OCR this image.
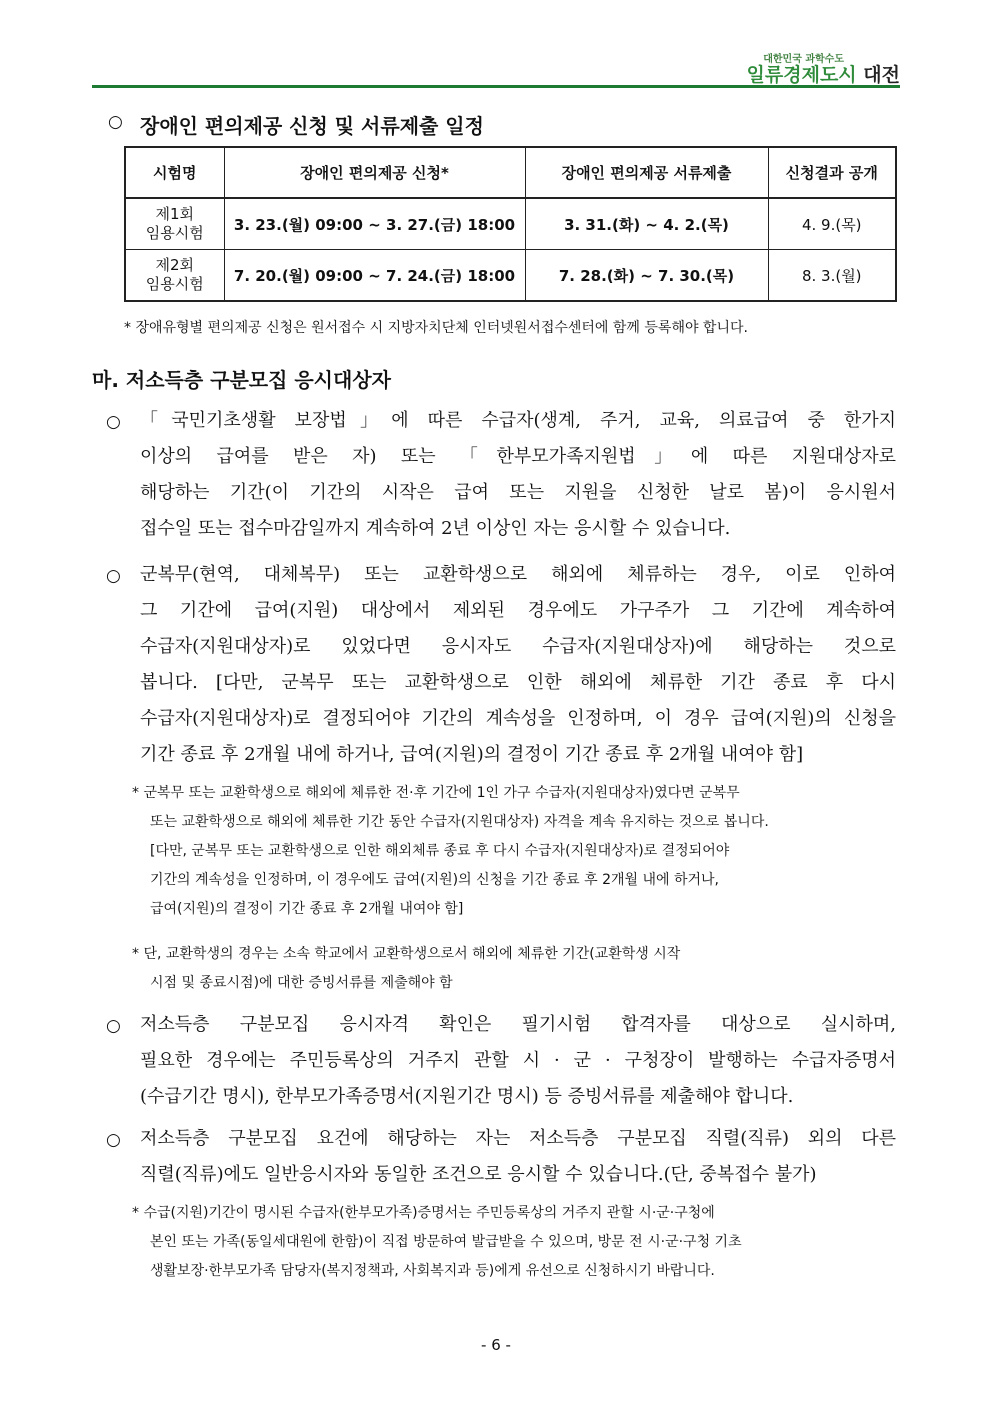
대한민국 과학수도
일류경제도시 대전
○ 장애인 편의제공 신청 및 서류제출 일정
시험명	장애인 편의제공 신청*	장애인 편의제공 서류제출	신청결과 공개

제1회
임용시험	3. 23.(월) 09:00 ~ 3. 27.(금) 18:00	3. 31.(화) ~ 4. 2.(목)	4. 9.(목)

제2회
임용시험	7. 20.(월) 09:00 ~ 7. 24.(금) 18:00	7. 28.(화) ~ 7. 30.(목)	8. 3.(월)
* 장애유형별 편의제공 신청은 원서접수 시 지방자치단체 인터넷원서접수센터에 함께 등록해야 합니다.
마. 저소득층 구분모집 응시대상자
○ 「국민기초생활 보장법」에 따른 수급자(생계, 주거, 교육, 의료급여 중 한가지
이상의 급여를 받은 자) 또는 「한부모가족지원법」에 따른 지원대상자로
해당하는 기간(이 기간의 시작은 급여 또는 지원을 신청한 날로 봄)이 응시원서
접수일 또는 접수마감일까지 계속하여 2년 이상인 자는 응시할 수 있습니다.
○ 군복무(현역, 대체복무) 또는 교환학생으로 해외에 체류하는 경우, 이로 인하여
그 기간에 급여(지원) 대상에서 제외된 경우에도 가구주가 그 기간에 계속하여
수급자(지원대상자)로 있었다면 응시자도 수급자(지원대상자)에 해당하는 것으로
봅니다. [다만, 군복무 또는 교환학생으로 인한 해외에 체류한 기간 종료 후 다시
수급자(지원대상자)로 결정되어야 기간의 계속성을 인정하며, 이 경우 급여(지원)의 신청을
기간 종료 후 2개월 내에 하거나, 급여(지원)의 결정이 기간 종료 후 2개월 내여야 함]
* 군복무 또는 교환학생으로 해외에 체류한 전·후 기간에 1인 가구 수급자(지원대상자)였다면 군복무
또는 교환학생으로 해외에 체류한 기간 동안 수급자(지원대상자) 자격을 계속 유지하는 것으로 봅니다.
[다만, 군복무 또는 교환학생으로 인한 해외체류 종료 후 다시 수급자(지원대상자)로 결정되어야
기간의 계속성을 인정하며, 이 경우에도 급여(지원)의 신청을 기간 종료 후 2개월 내에 하거나,
급여(지원)의 결정이 기간 종료 후 2개월 내여야 함]
* 단, 교환학생의 경우는 소속 학교에서 교환학생으로서 해외에 체류한 기간(교환학생 시작
시점 및 종료시점)에 대한 증빙서류를 제출해야 함
○ 저소득층 구분모집 응시자격 확인은 필기시험 합격자를 대상으로 실시하며,
필요한 경우에는 주민등록상의 거주지 관할 시 · 군 · 구청장이 발행하는 수급자증명서
(수급기간 명시), 한부모가족증명서(지원기간 명시) 등 증빙서류를 제출해야 합니다.
○ 저소득층 구분모집 요건에 해당하는 자는 저소득층 구분모집 직렬(직류) 외의 다른
직렬(직류)에도 일반응시자와 동일한 조건으로 응시할 수 있습니다.(단, 중복접수 불가)
* 수급(지원)기간이 명시된 수급자(한부모가족)증명서는 주민등록상의 거주지 관할 시·군·구청에
본인 또는 가족(동일세대원에 한함)이 직접 방문하여 발급받을 수 있으며, 방문 전 시·군·구청 기초
생활보장·한부모가족 담당자(복지정책과, 사회복지과 등)에게 유선으로 신청하시기 바랍니다.
- 6 -
